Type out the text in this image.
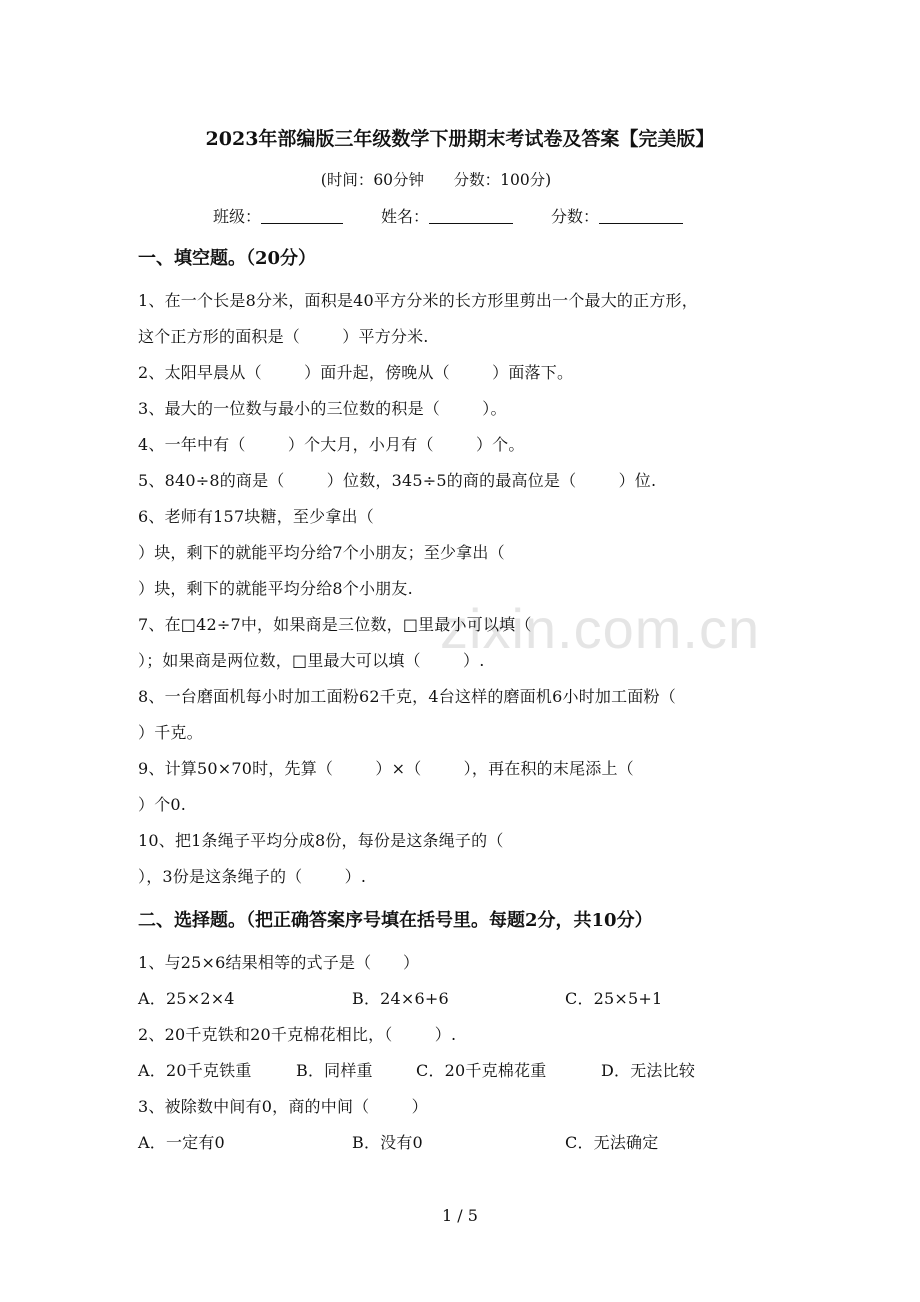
zixin.com.cn
2023年部编版三年级数学下册期末考试卷及答案【完美版】
(时间：60分钟      分数：100分)
班级：	姓名：	分数：
一、填空题。（20分）
1、在一个长是8分米，面积是40平方分米的长方形里剪出一个最大的正方形，
这个正方形的面积是（        ）平方分米.
2、太阳早晨从（        ）面升起，傍晚从（        ）面落下。
3、最大的一位数与最小的三位数的积是（        ）。
4、一年中有（        ）个大月，小月有（        ）个。
5、840÷8的商是（        ）位数，345÷5的商的最高位是（        ）位.
6、老师有157块糖，至少拿出（
）块，剩下的就能平均分给7个小朋友；至少拿出（
）块，剩下的就能平均分给8个小朋友.
7、在□42÷7中，如果商是三位数，□里最小可以填（
）；如果商是两位数，□里最大可以填（        ）.
8、一台磨面机每小时加工面粉62千克，4台这样的磨面机6小时加工面粉（
）千克。
9、计算50×70时，先算（        ）×（        ），再在积的末尾添上（
）个0.
10、把1条绳子平均分成8份，每份是这条绳子的（
），3份是这条绳子的（        ）.
二、选择题。（把正确答案序号填在括号里。每题2分，共10分）
1、与25×6结果相等的式子是（      ）
A．25×2×4	B．24×6+6	C．25×5+1
2、20千克铁和20千克棉花相比，（        ）.
A．20千克铁重	B．同样重	C．20千克棉花重	D．无法比较
3、被除数中间有0，商的中间（        ）
A．一定有0	B．没有0	C．无法确定
1 / 5
